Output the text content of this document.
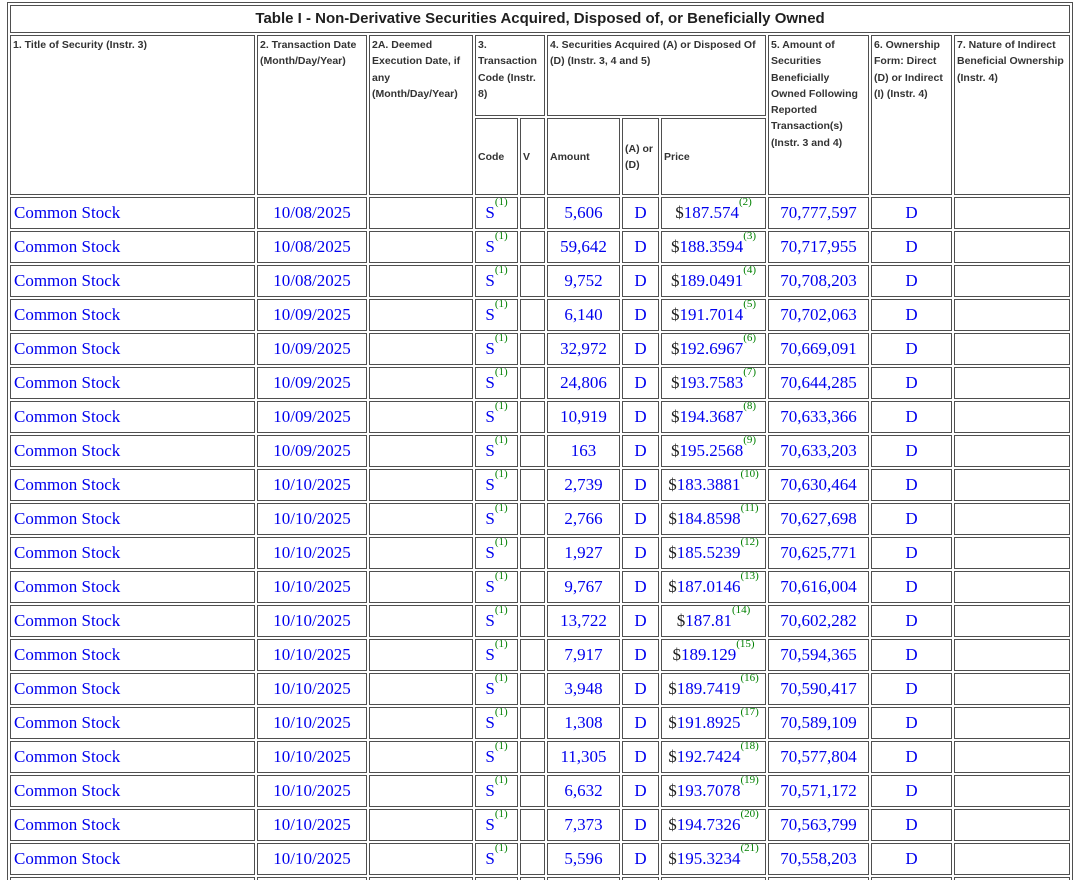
Table I - Non-Derivative Securities Acquired, Disposed of, or Beneficially Owned										
1. Title of Security (Instr. 3)	2. Transaction Date (Month/Day/Year)	2A. Deemed Execution Date, if any (Month/Day/Year)	3. Transaction Code (Instr. 8)		4. Securities Acquired (A) or Disposed Of (D) (Instr. 3, 4 and 5)			5. Amount of Securities Beneficially Owned Following Reported Transaction(s) (Instr. 3 and 4)	6. Ownership Form: Direct (D) or Indirect (I) (Instr. 4)	7. Nature of Indirect Beneficial Ownership (Instr. 4)
			Code	V	Amount	(A) or (D)	Price			
Common Stock	10/08/2025		S$^{(1)}$		5,606	D	$187.574$^{(2)}$	70,777,597	D	
Common Stock	10/08/2025		S$^{(1)}$		59,642	D	$188.3594$^{(3)}$	70,717,955	D	
Common Stock	10/08/2025		S$^{(1)}$		9,752	D	$189.0491$^{(4)}$	70,708,203	D	
Common Stock	10/09/2025		S$^{(1)}$		6,140	D	$191.7014$^{(5)}$	70,702,063	D	
Common Stock	10/09/2025		S$^{(1)}$		32,972	D	$192.6967$^{(6)}$	70,669,091	D	
Common Stock	10/09/2025		S$^{(1)}$		24,806	D	$193.7583$^{(7)}$	70,644,285	D	
Common Stock	10/09/2025		S$^{(1)}$		10,919	D	$194.3687$^{(8)}$	70,633,366	D	
Common Stock	10/09/2025		S$^{(1)}$		163	D	$195.2568$^{(9)}$	70,633,203	D	
Common Stock	10/10/2025		S$^{(1)}$		2,739	D	$183.3881$^{(10)}$	70,630,464	D	
Common Stock	10/10/2025		S$^{(1)}$		2,766	D	$184.8598$^{(11)}$	70,627,698	D	
Common Stock	10/10/2025		S$^{(1)}$		1,927	D	$185.5239$^{(12)}$	70,625,771	D	
Common Stock	10/10/2025		S$^{(1)}$		9,767	D	$187.0146$^{(13)}$	70,616,004	D	
Common Stock	10/10/2025		S$^{(1)}$		13,722	D	$187.81$^{(14)}$	70,602,282	D	
Common Stock	10/10/2025		S$^{(1)}$		7,917	D	$189.129$^{(15)}$	70,594,365	D	
Common Stock	10/10/2025		S$^{(1)}$		3,948	D	$189.7419$^{(16)}$	70,590,417	D	
Common Stock	10/10/2025		S$^{(1)}$		1,308	D	$191.8925$^{(17)}$	70,589,109	D	
Common Stock	10/10/2025		S$^{(1)}$		11,305	D	$192.7424$^{(18)}$	70,577,804	D	
Common Stock	10/10/2025		S$^{(1)}$		6,632	D	$193.7078$^{(19)}$	70,571,172	D	
Common Stock	10/10/2025		S$^{(1)}$		7,373	D	$194.7326$^{(20)}$	70,563,799	D	
Common Stock	10/10/2025		S$^{(1)}$		5,596	D	$195.3234$^{(21)}$	70,558,203	D	
